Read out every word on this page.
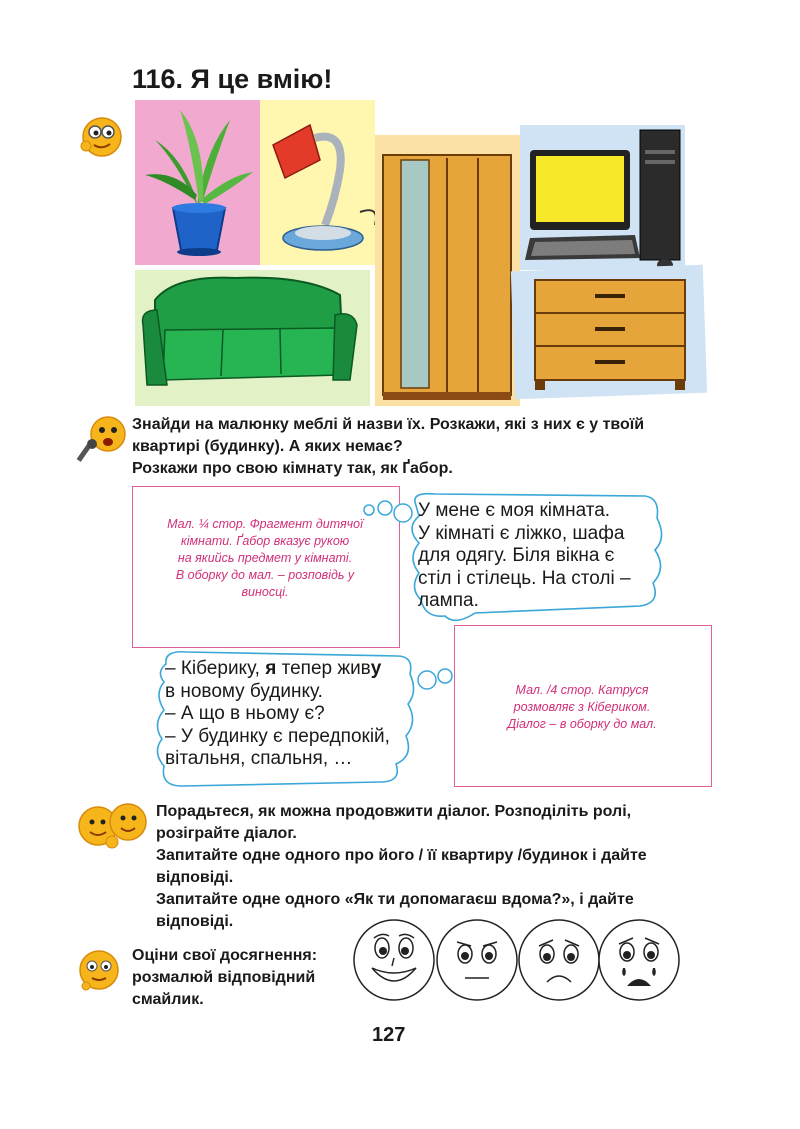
116. Я це вмію!
Знайди на малюнку меблі й назви їх. Розкажи, які з них є у твоїй
квартирі (будинку). А яких немає?
Розкажи про свою кімнату так, як Ґабор.
Мал. ¼ стор. Фрагмент дитячої
кімнати. Ґабор вказує рукою
на якийсь предмет у кімнаті.
В оборку до мал. – розповідь у
виносці.
У мене є моя кімната.
У кімнаті є ліжко, шафа
для одягу. Біля вікна є
стіл і стілець. На столі –
лампа.
– Кіберику, я тепер живу
в новому будинку.
– А що в ньому є?
– У будинку є передпокій,
вітальня, спальня, …
Мал. /4 стор. Катруся
розмовляє з Кібериком.
Діалог – в оборку до мал.
Порадьтеся, як можна продовжити діалог. Розподіліть ролі,
розіграйте діалог.
Запитайте одне одного про його / її квартиру /будинок і дайте
відповіді.
Запитайте одне одного «Як ти допомагаєш вдома?», і дайте
відповіді.
Оціни свої досягнення:
розмалюй відповідний
смайлик.
127
